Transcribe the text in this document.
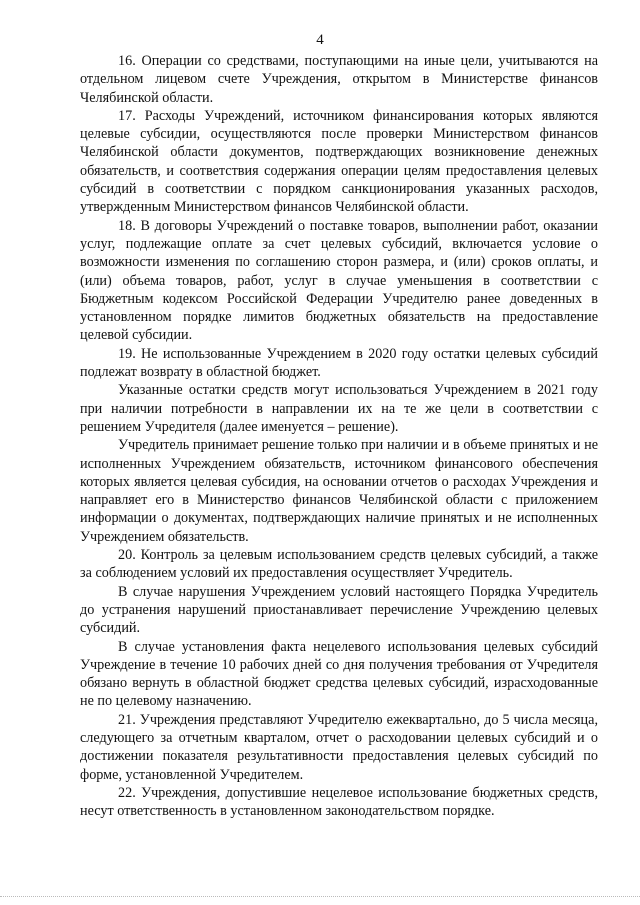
4

16. Операции со средствами, поступающими на иные цели, учитываются на отдельном лицевом счете Учреждения, открытом в Министерстве финансов Челябинской области.

17. Расходы Учреждений, источником финансирования которых являются целевые субсидии, осуществляются после проверки Министерством финансов Челябинской области документов, подтверждающих возникновение денежных обязательств, и соответствия содержания операции целям предоставления целевых субсидий в соответствии с порядком санкционирования указанных расходов, утвержденным Министерством финансов Челябинской области.

18. В договоры Учреждений о поставке товаров, выполнении работ, оказании услуг, подлежащие оплате за счет целевых субсидий, включается условие о возможности изменения по соглашению сторон размера, и (или) сроков оплаты, и (или) объема товаров, работ, услуг в случае уменьшения в соответствии с Бюджетным кодексом Российской Федерации Учредителю ранее доведенных в установленном порядке лимитов бюджетных обязательств на предоставление целевой субсидии.

19. Не использованные Учреждением в 2020 году остатки целевых субсидий подлежат возврату в областной бюджет.

Указанные остатки средств могут использоваться Учреждением в 2021 году при наличии потребности в направлении их на те же цели в соответствии с решением Учредителя (далее именуется – решение).

Учредитель принимает решение только при наличии и в объеме принятых и не исполненных Учреждением обязательств, источником финансового обеспечения которых является целевая субсидия, на основании отчетов о расходах Учреждения и направляет его в Министерство финансов Челябинской области с приложением информации о документах, подтверждающих наличие принятых и не исполненных Учреждением обязательств.

20. Контроль за целевым использованием средств целевых субсидий, а также за соблюдением условий их предоставления осуществляет Учредитель.

В случае нарушения Учреждением условий настоящего Порядка Учредитель до устранения нарушений приостанавливает перечисление Учреждению целевых субсидий.

В случае установления факта нецелевого использования целевых субсидий Учреждение в течение 10 рабочих дней со дня получения требования от Учредителя обязано вернуть в областной бюджет средства целевых субсидий, израсходованные не по целевому назначению.

21. Учреждения представляют Учредителю ежеквартально, до 5 числа месяца, следующего за отчетным кварталом, отчет о расходовании целевых субсидий и о достижении показателя результативности предоставления целевых субсидий по форме, установленной Учредителем.

22. Учреждения, допустившие нецелевое использование бюджетных средств, несут ответственность в установленном законодательством порядке.
